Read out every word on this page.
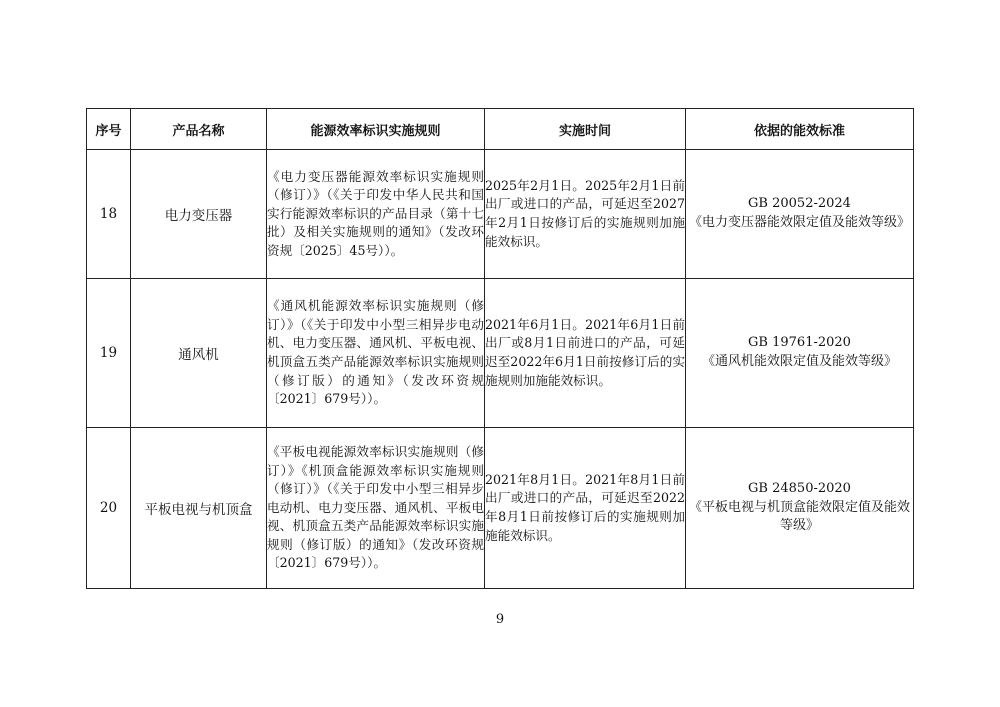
序号	产品名称	能源效率标识实施规则	实施时间	依据的能效标准
18	电力变压器	《电力变压器能源效率标识实施规则（修订）》（《关于印发中华人民共和国实行能源效率标识的产品目录（第十七批）及相关实施规则的通知》（发改环资规〔2025〕45号））。	2025年2月1日。2025年2月1日前出厂或进口的产品，可延迟至2027年2月1日按修订后的实施规则加施能效标识。	GB 20052-2024
《电力变压器能效限定值及能效等级》

19	通风机	《通风机能源效率标识实施规则（修订）》（《关于印发中小型三相异步电动机、电力变压器、通风机、平板电视、机顶盒五类产品能源效率标识实施规则（修订版）的通知》（发改环资规〔2021〕679号））。	2021年6月1日。2021年6月1日前出厂或8月1日前进口的产品，可延迟至2022年6月1日前按修订后的实施规则加施能效标识。	GB 19761-2020
《通风机能效限定值及能效等级》

20	平板电视与机顶盒	《平板电视能源效率标识实施规则（修订）》《机顶盒能源效率标识实施规则（修订）》（《关于印发中小型三相异步电动机、电力变压器、通风机、平板电视、机顶盒五类产品能源效率标识实施规则（修订版）的通知》（发改环资规〔2021〕679号））。	2021年8月1日。2021年8月1日前出厂或进口的产品，可延迟至2022年8月1日前按修订后的实施规则加施能效标识。	GB 24850-2020
《平板电视与机顶盒能效限定值及能效等级》
9
